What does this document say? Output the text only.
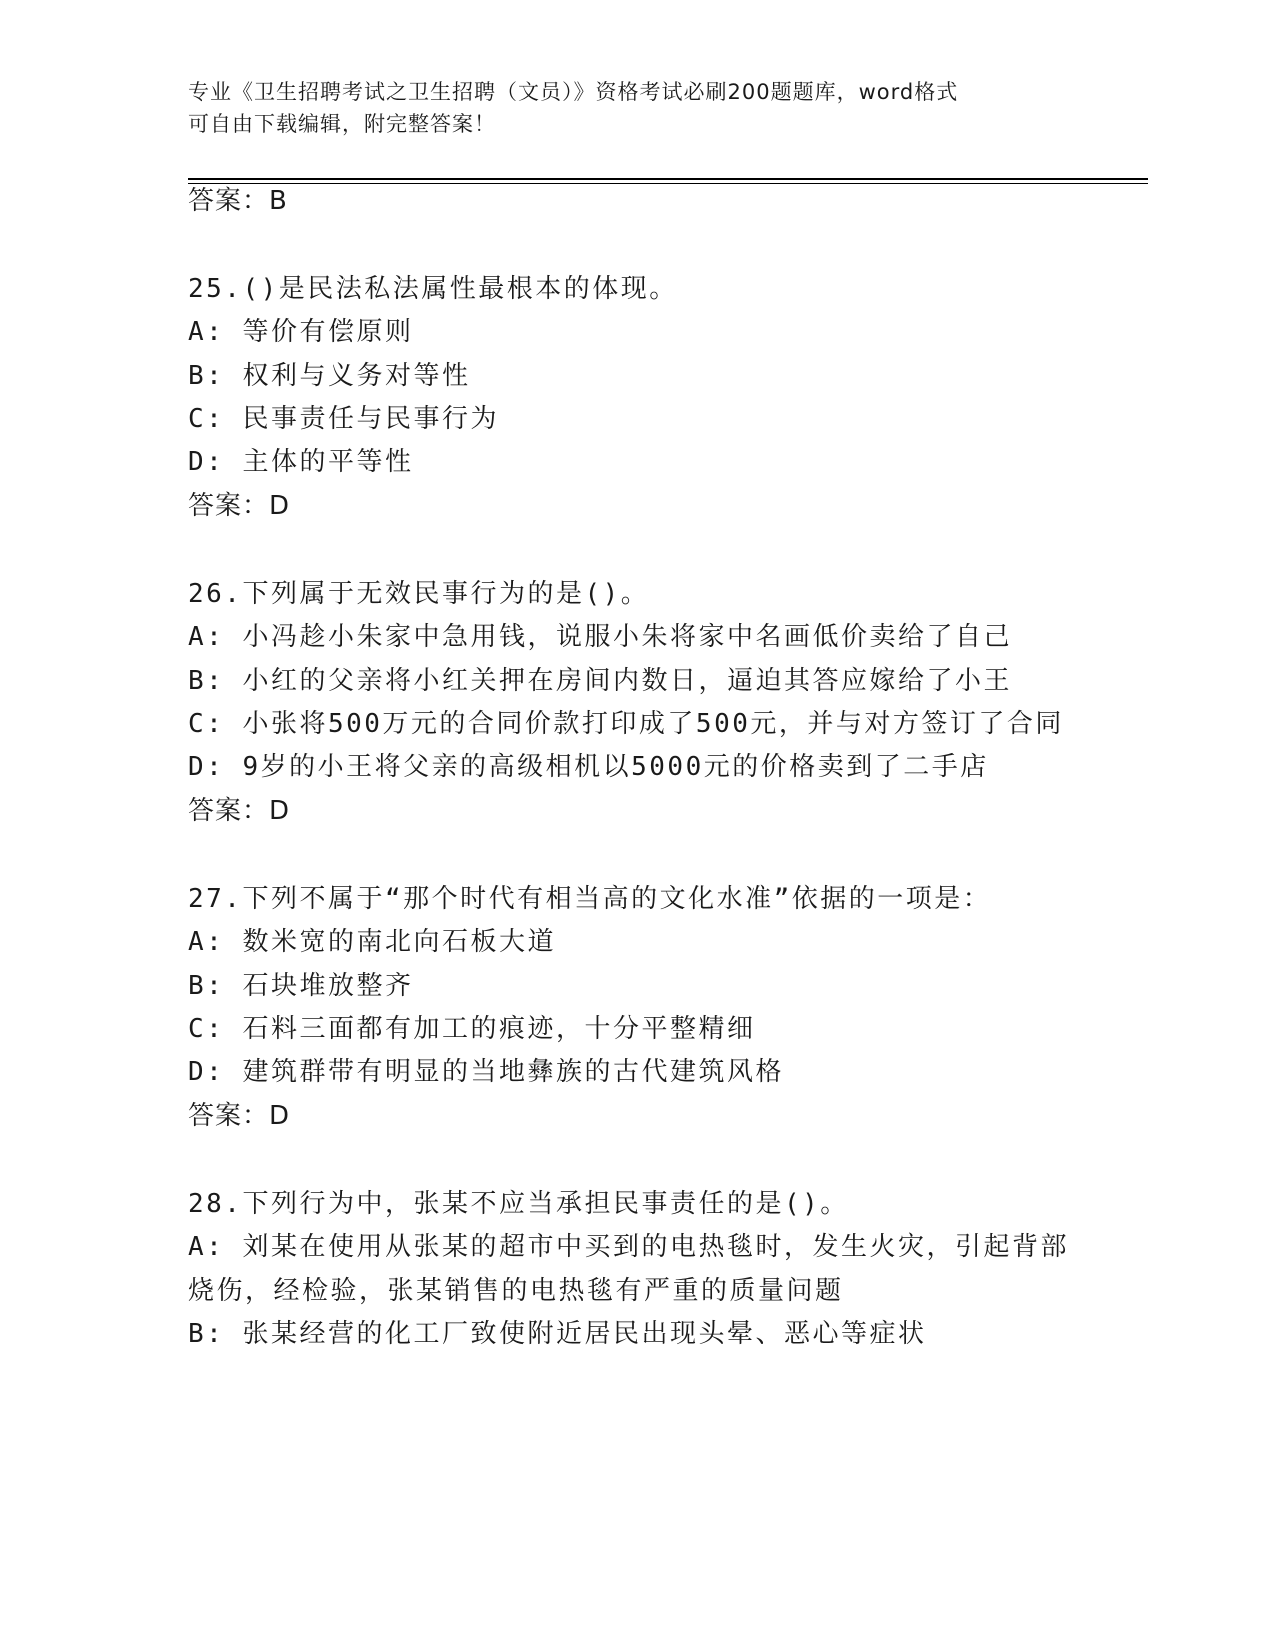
专业《卫生招聘考试之卫生招聘（文员）》资格考试必刷200题题库，word格式
可自由下载编辑，附完整答案！
答案：B
25.()是民法私法属性最根本的体现。
A: 等价有偿原则
B: 权利与义务对等性
C: 民事责任与民事行为
D: 主体的平等性
答案：D
26.下列属于无效民事行为的是()。
A: 小冯趁小朱家中急用钱，说服小朱将家中名画低价卖给了自己
B: 小红的父亲将小红关押在房间内数日，逼迫其答应嫁给了小王
C: 小张将500万元的合同价款打印成了500元，并与对方签订了合同
D: 9岁的小王将父亲的高级相机以5000元的价格卖到了二手店
答案：D
27.下列不属于“那个时代有相当高的文化水准”依据的一项是：
A: 数米宽的南北向石板大道
B: 石块堆放整齐
C: 石料三面都有加工的痕迹，十分平整精细
D: 建筑群带有明显的当地彝族的古代建筑风格
答案：D
28.下列行为中，张某不应当承担民事责任的是()。
A: 刘某在使用从张某的超市中买到的电热毯时，发生火灾，引起背部
烧伤，经检验，张某销售的电热毯有严重的质量问题
B: 张某经营的化工厂致使附近居民出现头晕、恶心等症状
